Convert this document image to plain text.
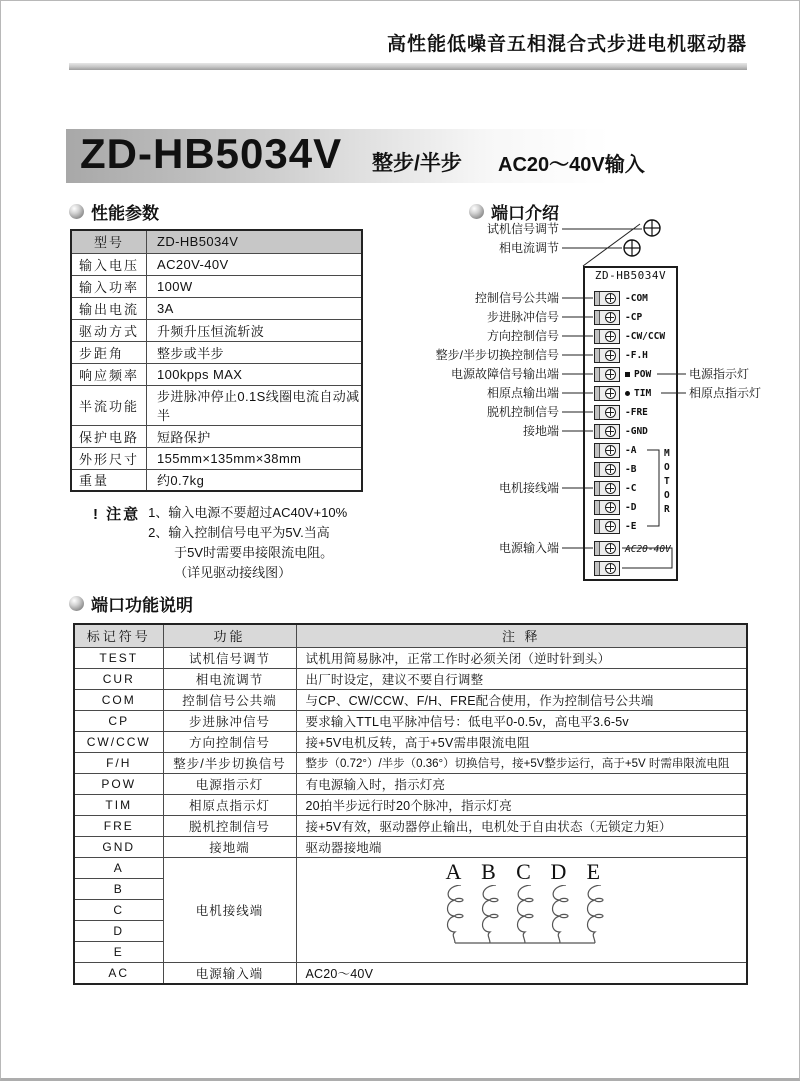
高性能低噪音五相混合式步进电机驱动器
ZD-HB5034V 整步/半步 AC20～40V输入
性能参数
型号	ZD-HB5034V
输入电压	AC20V-40V
输入功率	100W
输出电流	3A
驱动方式	升频升压恒流斩波
步距角	整步或半步
响应频率	100kpps MAX
半流功能	步进脉冲停止0.1S线圈电流自动减半
保护电路	短路保护
外形尺寸	155mm×135mm×38mm
重量	约0.7kg
! 注意 1、输入电源不要超过AC40V+10%
2、输入控制信号电平为5V.当高
于5V时需要串接限流电阻。
（详见驱动接线图）
端口介绍
试机信号调节
相电流调节
ZD-HB5034V
控制信号公共端
步进脉冲信号
方向控制信号
整步/半步切换控制信号
电源故障信号输出端
相原点输出端
脱机控制信号
接地端
电机接线端
电源输入端
-COM
-CP
-CW/CCW
-F.H
POW
TIM
-FRE
-GND
-A
-B
-C
-D
-E
电源指示灯
相原点指示灯
M
O
T
O
R
AC20-40V
端口功能说明
标记符号	功能	注 释
TEST	试机信号调节	试机用简易脉冲，正常工作时必须关闭（逆时针到头）
CUR	相电流调节	出厂时设定，建议不要自行调整
COM	控制信号公共端	与CP、CW/CCW、F/H、FRE配合使用，作为控制信号公共端
CP	步进脉冲信号	要求输入TTL电平脉冲信号：低电平0-0.5v，高电平3.6-5v
CW/CCW	方向控制信号	接+5V电机反转，高于+5V需串限流电阻
F/H	整步/半步切换信号	整步（0.72°）/半步（0.36°）切换信号，接+5V整步运行，高于+5V 时需串限流电阻
POW	电源指示灯	有电源输入时，指示灯亮
TIM	相原点指示灯	20拍半步远行时20个脉冲，指示灯亮
FRE	脱机控制信号	接+5V有效，驱动器停止输出，电机处于自由状态（无锁定力矩）
GND	接地端	驱动器接地端
A	电机接线端	A B C D E

B		
C		
D		
E		
AC	电源输入端	AC20～40V
